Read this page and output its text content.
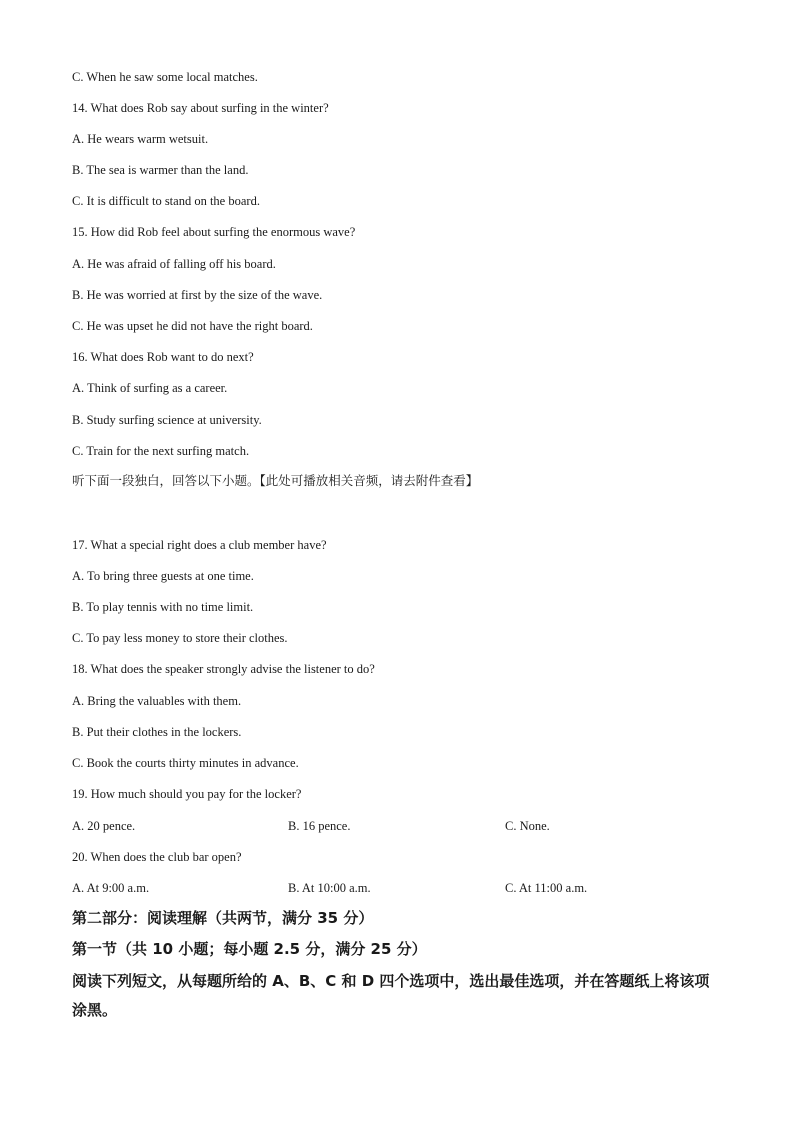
C. When he saw some local matches.
14. What does Rob say about surfing in the winter?
A. He wears warm wetsuit.
B. The sea is warmer than the land.
C. It is difficult to stand on the board.
15. How did Rob feel about surfing the enormous wave?
A. He was afraid of falling off his board.
B. He was worried at first by the size of the wave.
C. He was upset he did not have the right board.
16. What does Rob want to do next?
A. Think of surfing as a career.
B. Study surfing science at university.
C. Train for the next surfing match.
听下面一段独白，回答以下小题。【此处可播放相关音频，请去附件查看】
17. What a special right does a club member have?
A. To bring three guests at one time.
B. To play tennis with no time limit.
C. To pay less money to store their clothes.
18. What does the speaker strongly advise the listener to do?
A. Bring the valuables with them.
B. Put their clothes in the lockers.
C. Book the courts thirty minutes in advance.
19. How much should you pay for the locker?
A. 20 pence.	B. 16 pence.	C. None.
20. When does the club bar open?
A. At 9:00 a.m.	B. At 10:00 a.m.	C. At 11:00 a.m.
第二部分：阅读理解（共两节，满分 35 分）
第一节（共 10 小题；每小题 2.5 分，满分 25 分）
阅读下列短文，从每题所给的 A、B、C 和 D 四个选项中，选出最佳选项，并在答题纸上将该项涂黑。
